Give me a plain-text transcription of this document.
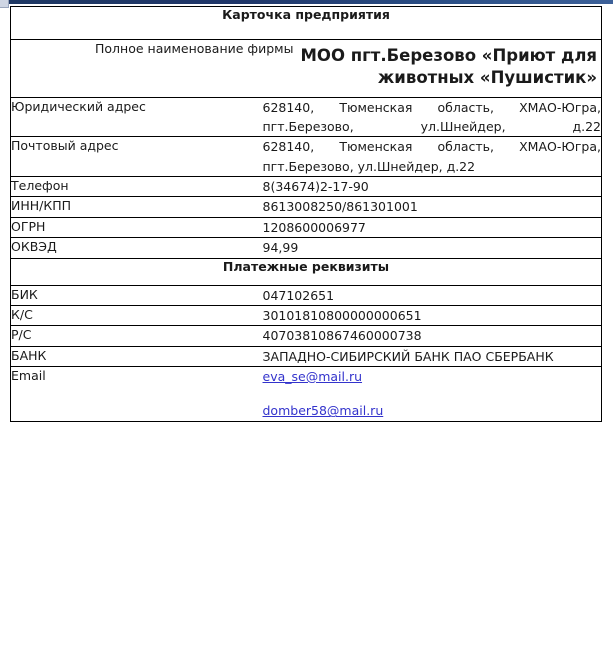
Карточка предприятия	
Полное наименование фирмы	МОО пгт.Березово «Приют для
животных «Пушистик»
Юридический адрес	628140, Тюменская область, ХМАО-Югра,
пгт.Березово, ул.Шнейдер, д.22

Почтовый адрес	628140, Тюменская область, ХМАО-Югра,
пгт.Березово, ул.Шнейдер, д.22

Телефон	8(34674)2-17-90
ИНН/КПП	8613008250/861301001
ОГРН	1208600006977
ОКВЭД	94,99
Платежные реквизиты	
БИК	047102651
К/С	30101810800000000651
Р/С	40703810867460000738
БАНК	ЗАПАДНО-СИБИРСКИЙ БАНК ПАО СБЕРБАНК
Email	eva_se@mail.ru
domber58@mail.ru
